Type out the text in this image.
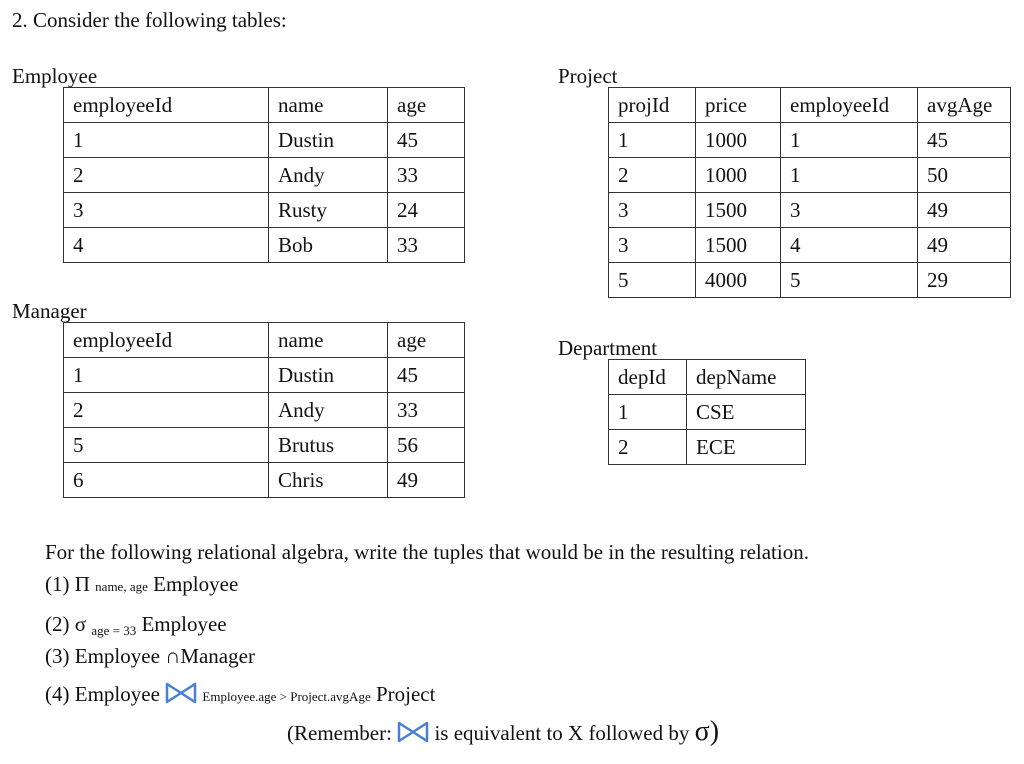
2. Consider the following tables:
Employee
employeeId	name	age
1	Dustin	45
2	Andy	33
3	Rusty	24
4	Bob	33
Manager
employeeId	name	age
1	Dustin	45
2	Andy	33
5	Brutus	56
6	Chris	49
Project
projId	price	employeeId	avgAge
1	1000	1	45
2	1000	1	50
3	1500	3	49
3	1500	4	49
5	4000	5	29
Department
depId	depName
1	CSE
2	ECE
For the following relational algebra, write the tuples that would be in the resulting relation.
(1) Π name, age Employee
(2) σ $_{age = 33}$ Employee
(3) Employee ∩Manager
(4) Employee	Employee.age > Project.avgAge Project
(Remember: is equivalent to X followed by σ)
